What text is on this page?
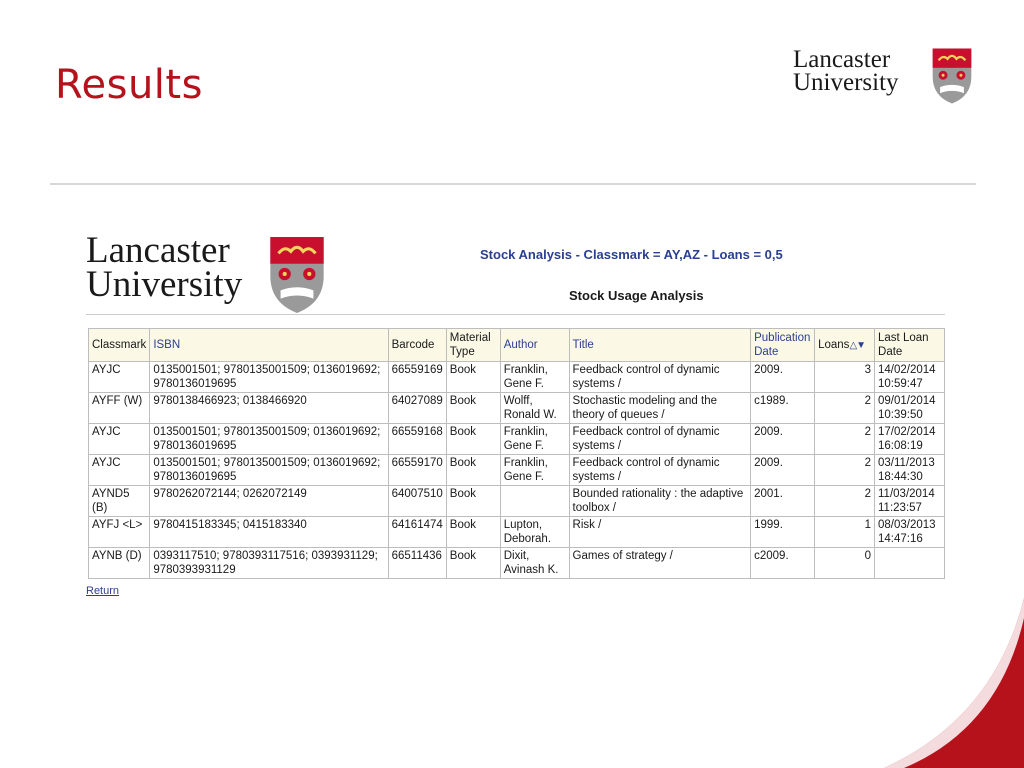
Results
Lancaster
University
Lancaster
University
Stock Analysis - Classmark = AY,AZ - Loans = 0,5
Stock Usage Analysis
Classmark	ISBN	Barcode	Material Type	Author	Title	Publication Date	Loans△▼	Last Loan Date
AYJC	0135001501; 9780135001509; 0136019692; 9780136019695	66559169	Book	Franklin, Gene F.	Feedback control of dynamic systems /	2009.	3	14/02/2014 10:59:47
AYFF (W)	9780138466923; 0138466920	64027089	Book	Wolff, Ronald W.	Stochastic modeling and the theory of queues /	c1989.	2	09/01/2014 10:39:50
AYJC	0135001501; 9780135001509; 0136019692; 9780136019695	66559168	Book	Franklin, Gene F.	Feedback control of dynamic systems /	2009.	2	17/02/2014 16:08:19
AYJC	0135001501; 9780135001509; 0136019692; 9780136019695	66559170	Book	Franklin, Gene F.	Feedback control of dynamic systems /	2009.	2	03/11/2013 18:44:30
AYND5 (B)	9780262072144; 0262072149	64007510	Book		Bounded rationality : the adaptive toolbox /	2001.	2	11/03/2014 11:23:57
AYFJ <L>	9780415183345; 0415183340	64161474	Book	Lupton, Deborah.	Risk /	1999.	1	08/03/2013 14:47:16
AYNB (D)	0393117510; 9780393117516; 0393931129; 9780393931129	66511436	Book	Dixit, Avinash K.	Games of strategy /	c2009.	0	
Return
